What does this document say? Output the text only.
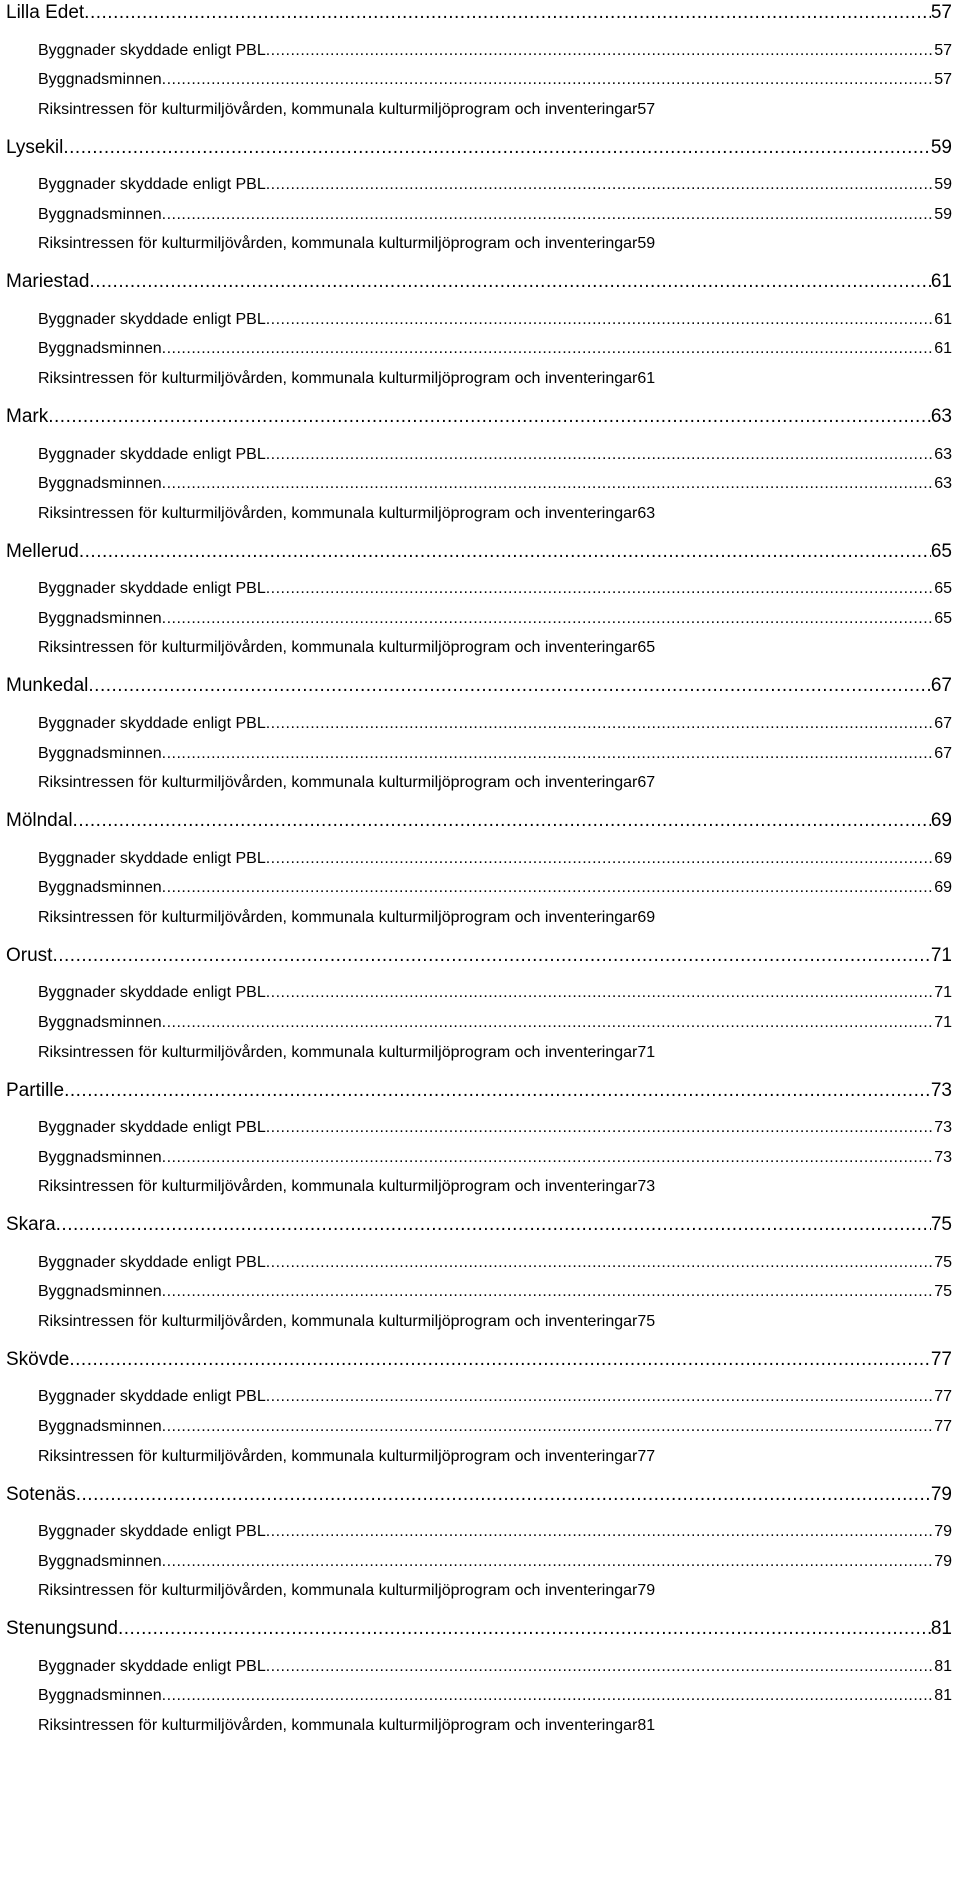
Lilla Edet .....	57
Byggnader skyddade enligt PBL .....	57
Byggnadsminnen .....	57
Riksintressen för kulturmiljövården, kommunala kulturmiljöprogram och inventeringar 57
Lysekil .....	59
Byggnader skyddade enligt PBL .....	59
Byggnadsminnen .....	59
Riksintressen för kulturmiljövården, kommunala kulturmiljöprogram och inventeringar 59
Mariestad .....	61
Byggnader skyddade enligt PBL .....	61
Byggnadsminnen .....	61
Riksintressen för kulturmiljövården, kommunala kulturmiljöprogram och inventeringar 61
Mark .....	63
Byggnader skyddade enligt PBL .....	63
Byggnadsminnen .....	63
Riksintressen för kulturmiljövården, kommunala kulturmiljöprogram och inventeringar 63
Mellerud .....	65
Byggnader skyddade enligt PBL .....	65
Byggnadsminnen .....	65
Riksintressen för kulturmiljövården, kommunala kulturmiljöprogram och inventeringar 65
Munkedal .....	67
Byggnader skyddade enligt PBL .....	67
Byggnadsminnen .....	67
Riksintressen för kulturmiljövården, kommunala kulturmiljöprogram och inventeringar 67
Mölndal .....	69
Byggnader skyddade enligt PBL .....	69
Byggnadsminnen .....	69
Riksintressen för kulturmiljövården, kommunala kulturmiljöprogram och inventeringar 69
Orust .....	71
Byggnader skyddade enligt PBL .....	71
Byggnadsminnen .....	71
Riksintressen för kulturmiljövården, kommunala kulturmiljöprogram och inventeringar 71
Partille .....	73
Byggnader skyddade enligt PBL .....	73
Byggnadsminnen .....	73
Riksintressen för kulturmiljövården, kommunala kulturmiljöprogram och inventeringar 73
Skara .....	75
Byggnader skyddade enligt PBL .....	75
Byggnadsminnen .....	75
Riksintressen för kulturmiljövården, kommunala kulturmiljöprogram och inventeringar 75
Skövde .....	77
Byggnader skyddade enligt PBL .....	77
Byggnadsminnen .....	77
Riksintressen för kulturmiljövården, kommunala kulturmiljöprogram och inventeringar 77
Sotenäs .....	79
Byggnader skyddade enligt PBL .....	79
Byggnadsminnen .....	79
Riksintressen för kulturmiljövården, kommunala kulturmiljöprogram och inventeringar 79
Stenungsund .....	81
Byggnader skyddade enligt PBL .....	81
Byggnadsminnen .....	81
Riksintressen för kulturmiljövården, kommunala kulturmiljöprogram och inventeringar 81
